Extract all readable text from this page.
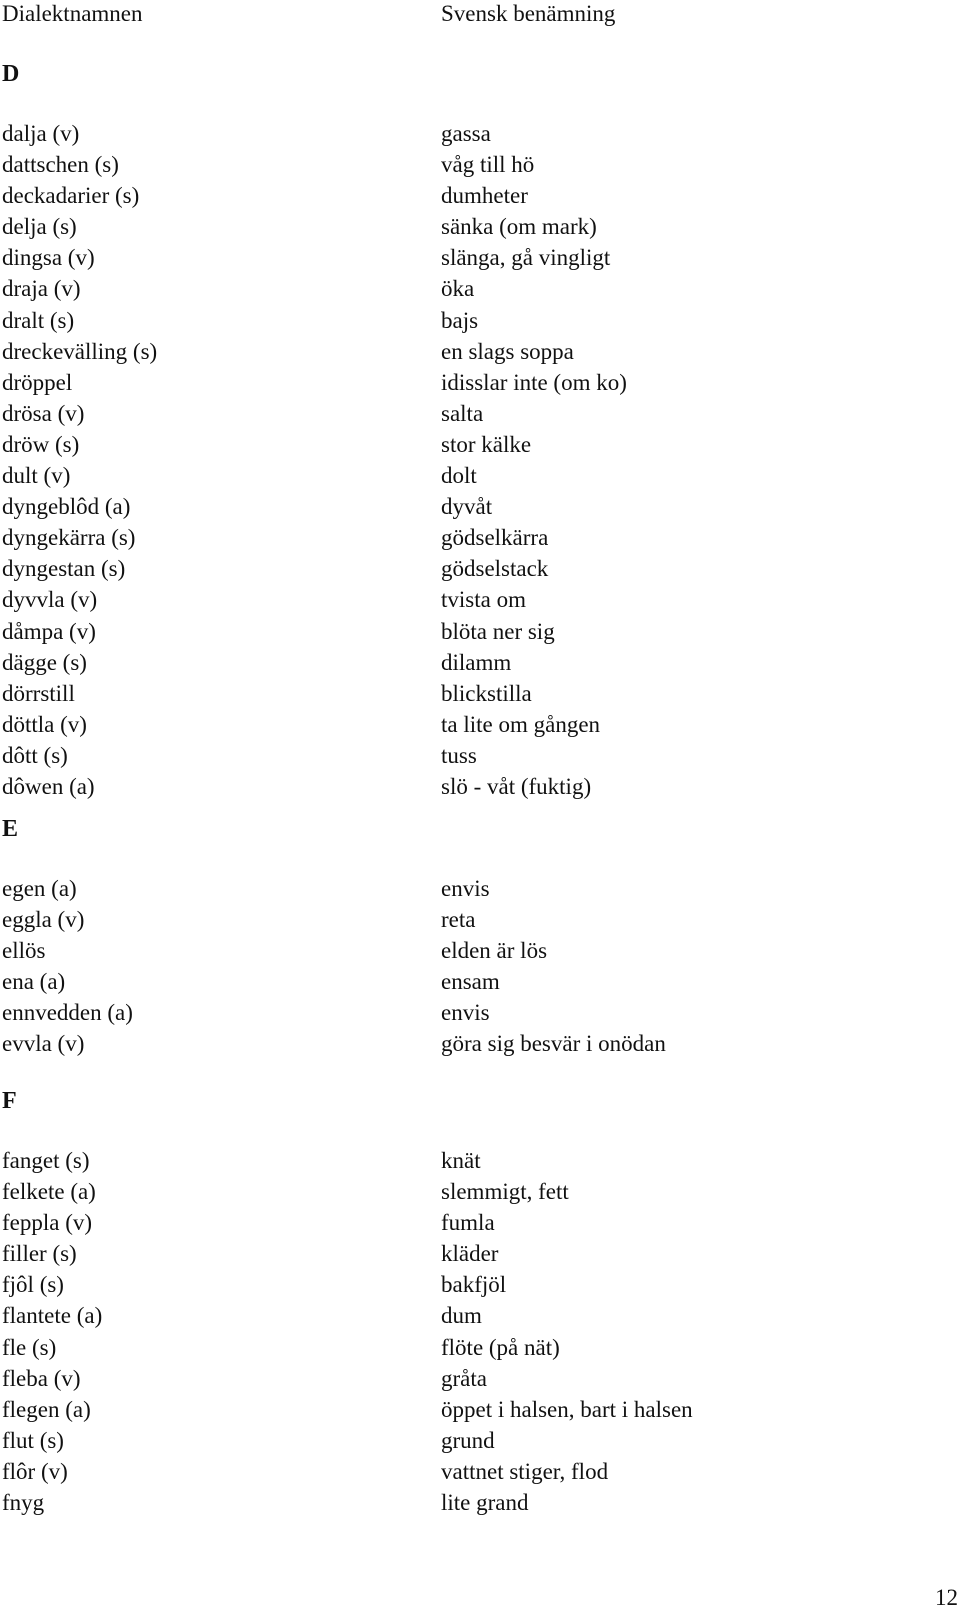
Dialektnamnen	Svensk benämning
D
dalja (v)
dattschen (s)
deckadarier (s)
delja (s)
dingsa (v)
draja (v)
dralt (s)
dreckevälling (s)
dröppel
drösa (v)
dröw (s)
dult (v)
dyngeblôd (a)
dyngekärra (s)
dyngestan (s)
dyvvla (v)
dåmpa (v)
dägge (s)
dörrstill
döttla (v)
dôtt (s)
dôwen (a)
gassa
våg till hö
dumheter
sänka (om mark)
slänga, gå vingligt
öka
bajs
en slags soppa
idisslar inte (om ko)
salta
stor kälke
dolt
dyvåt
gödselkärra
gödselstack
tvista om
blöta ner sig
dilamm
blickstilla
ta lite om gången
tuss
slö - våt (fuktig)
E
egen (a)
eggla (v)
ellös
ena (a)
ennvedden (a)
evvla (v)
envis
reta
elden är lös
ensam
envis
göra sig besvär i onödan
F
fanget (s)
felkete (a)
feppla (v)
filler (s)
fjôl (s)
flantete (a)
fle (s)
fleba (v)
flegen (a)
flut (s)
flôr (v)
fnyg
knät
slemmigt, fett
fumla
kläder
bakfjöl
dum
flöte (på nät)
gråta
öppet i halsen, bart i halsen
grund
vattnet stiger, flod
lite grand
12
